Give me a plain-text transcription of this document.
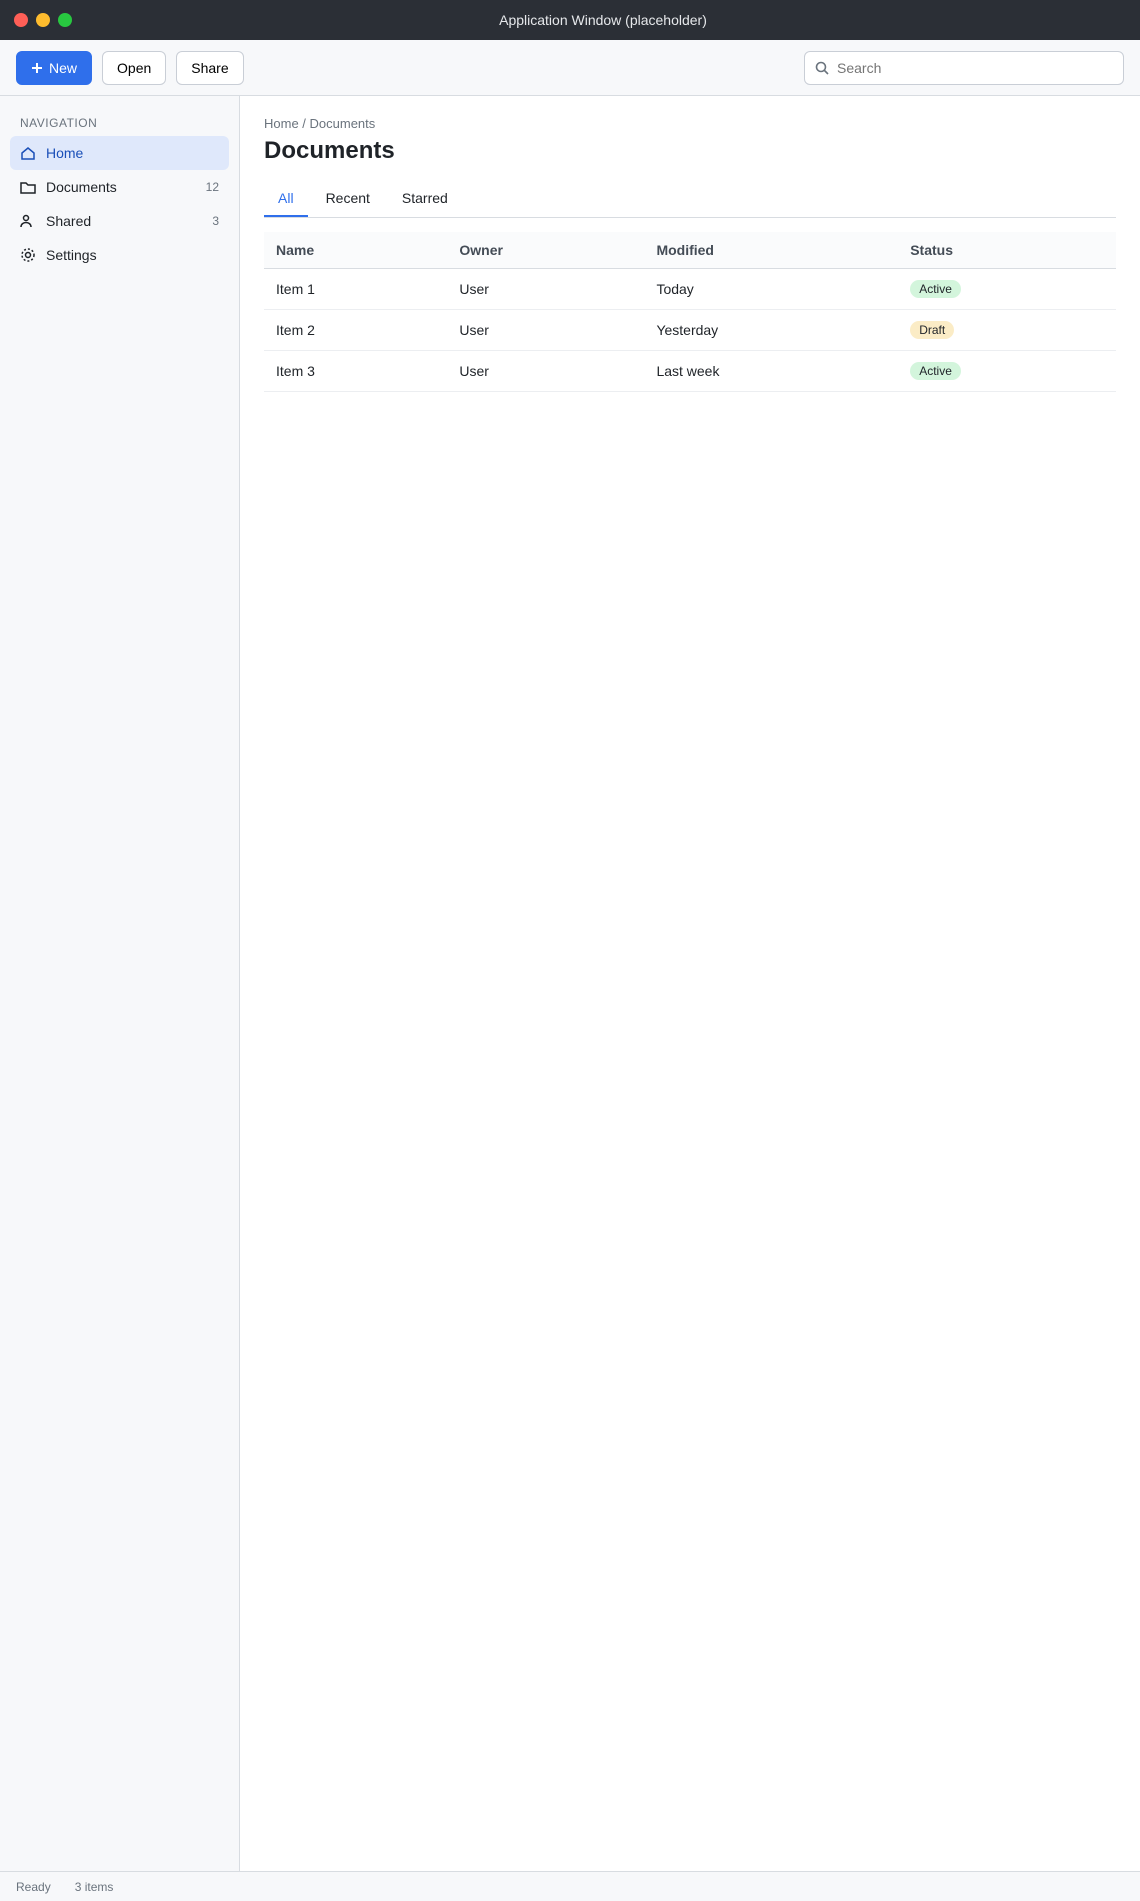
Application Window (placeholder)
New	Open	Share
Search
NAVIGATION
Home
Documents	12
Shared	3
Settings
Home / Documents
Documents
All	Recent	Starred
Name	Owner	Modified	Status
Item 1	User	Today	Active
Item 2	User	Yesterday	Draft
Item 3	User	Last week	Active
Ready 3 items
